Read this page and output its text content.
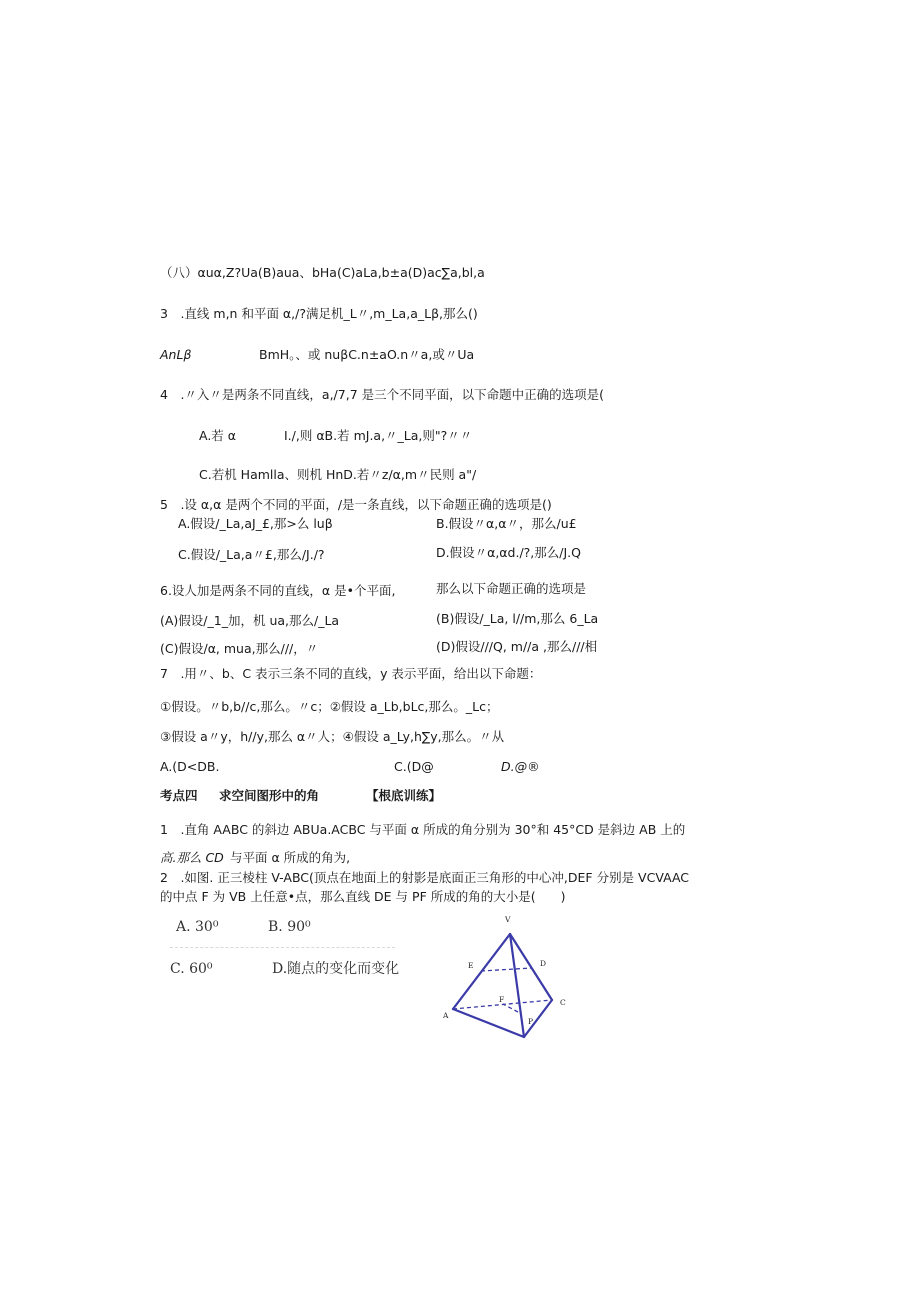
（八）αuα,Z?Ua(B)aua、bHa(C)aLa,b±a(D)ac∑a,bl,a
3　.直线 m,n 和平面 α,/?满足机_L〃,m_La,a_Lβ,那么()
AnLβ	BmH。、或 nuβC.n±aO.n〃a,或〃Ua
4　.〃入〃是两条不同直线，a,/7,7 是三个不同平面，以下命题中正确的选项是(
A.若 α	I./,则 αB.若 mJ.a,〃_La,则"?〃〃
C.若机 Hamlla、则机 HnD.若〃z/α,m〃民则 a"/
5　.设 α,α 是两个不同的平面，/是一条直线，以下命题正确的选项是()
A.假设/_La,aJ_£,那>么 luβ	B.假设〃α,α〃，那么/u£
C.假设/_La,a〃£,那么/J./?	D.假设〃α,αd./?,那么/J.Q
6.设人加是两条不同的直线，α 是•个平面,	那么以下命题正确的选项是
(A)假设/_1_加，机 ua,那么/_La	(B)假设/_La, l∕/m,那么 6_La
(C)假设∕α, mua,那么///，〃	(D)假设///Q, m∕∕a ,那么///相
7　.用〃、b、C 表示三条不同的直线，y 表示平面，给出以下命题：
①假设。〃b,b//c,那么。〃c；②假设 a_Lb,bLc,那么。_Lc；
③假设 a〃y，h∕∕y,那么 α〃人；④假设 a_Ly,h∑y,那么。〃从
A.(D<DB.	C.(D@	D.@®
考点四 求空间图形中的角	【根底训练】
1　.直角 AABC 的斜边 ABUa.ACBC 与平面 α 所成的角分别为 30°和 45°CD 是斜边 AB 上的
高.那么 CD 与平面 α 所成的角为,
2　.如图. 正三棱柱 V-ABC(顶点在地面上的射影是底面正三角形的中心冲,DEF 分别是 VCVAAC
的中点 F 为 VB 上任意•点，那么直线 DE 与 PF 所成的角的大小是(　　)
A. 30⁰	B. 90⁰
C. 60⁰	D.随点的变化而变化
V
E	D
A
F	C
P
